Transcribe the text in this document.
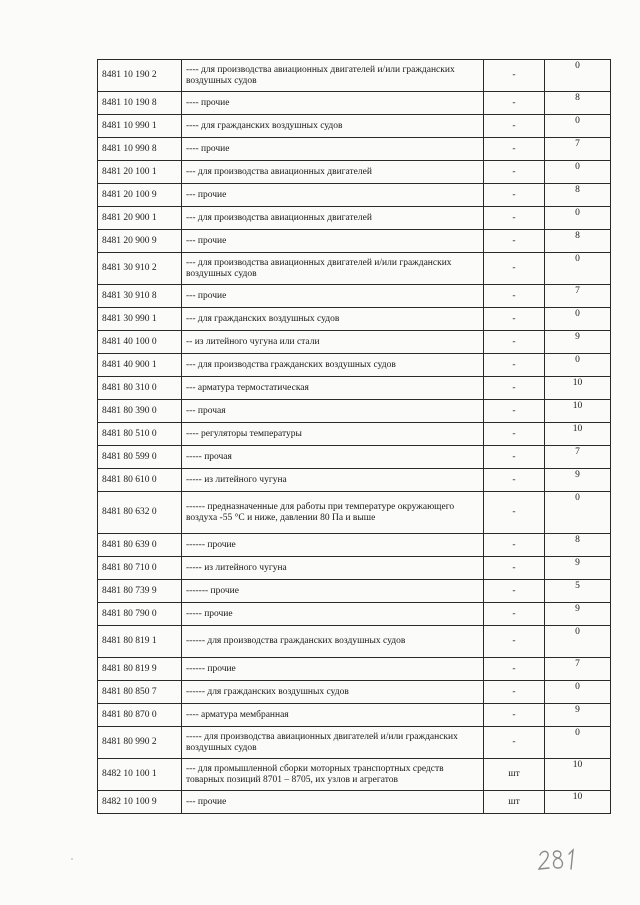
8481 10 190 2	---- для производства авиационных двигателей и/или гражданских воздушных судов	-	0
8481 10 190 8	---- прочие	-	8
8481 10 990 1	---- для гражданских воздушных судов	-	0
8481 10 990 8	---- прочие	-	7
8481 20 100 1	--- для производства авиационных двигателей	-	0
8481 20 100 9	--- прочие	-	8
8481 20 900 1	--- для производства авиационных двигателей	-	0
8481 20 900 9	--- прочие	-	8
8481 30 910 2	--- для производства авиационных двигателей и/или гражданских воздушных судов	-	0
8481 30 910 8	--- прочие	-	7
8481 30 990 1	--- для гражданских воздушных судов	-	0
8481 40 100 0	-- из литейного чугуна или стали	-	9
8481 40 900 1	--- для производства гражданских воздушных судов	-	0
8481 80 310 0	--- арматура термостатическая	-	10
8481 80 390 0	--- прочая	-	10
8481 80 510 0	---- регуляторы температуры	-	10
8481 80 599 0	----- прочая	-	7
8481 80 610 0	----- из литейного чугуна	-	9
8481 80 632 0	------ предназначенные для работы при температуре окружающего воздуха -55 °С и ниже, давлении 80 Па и выше	-	0
8481 80 639 0	------ прочие	-	8
8481 80 710 0	----- из литейного чугуна	-	9
8481 80 739 9	------- прочие	-	5
8481 80 790 0	----- прочие	-	9
8481 80 819 1	------ для производства гражданских воздушных судов	-	0
8481 80 819 9	------ прочие	-	7
8481 80 850 7	------ для гражданских воздушных судов	-	0
8481 80 870 0	---- арматура мембранная	-	9
8481 80 990 2	----- для производства авиационных двигателей и/или гражданских воздушных судов	-	0
8482 10 100 1	--- для промышленной сборки моторных транспортных средств товарных позиций 8701 – 8705, их узлов и агрегатов	шт	10
8482 10 100 9	--- прочие	шт	10
